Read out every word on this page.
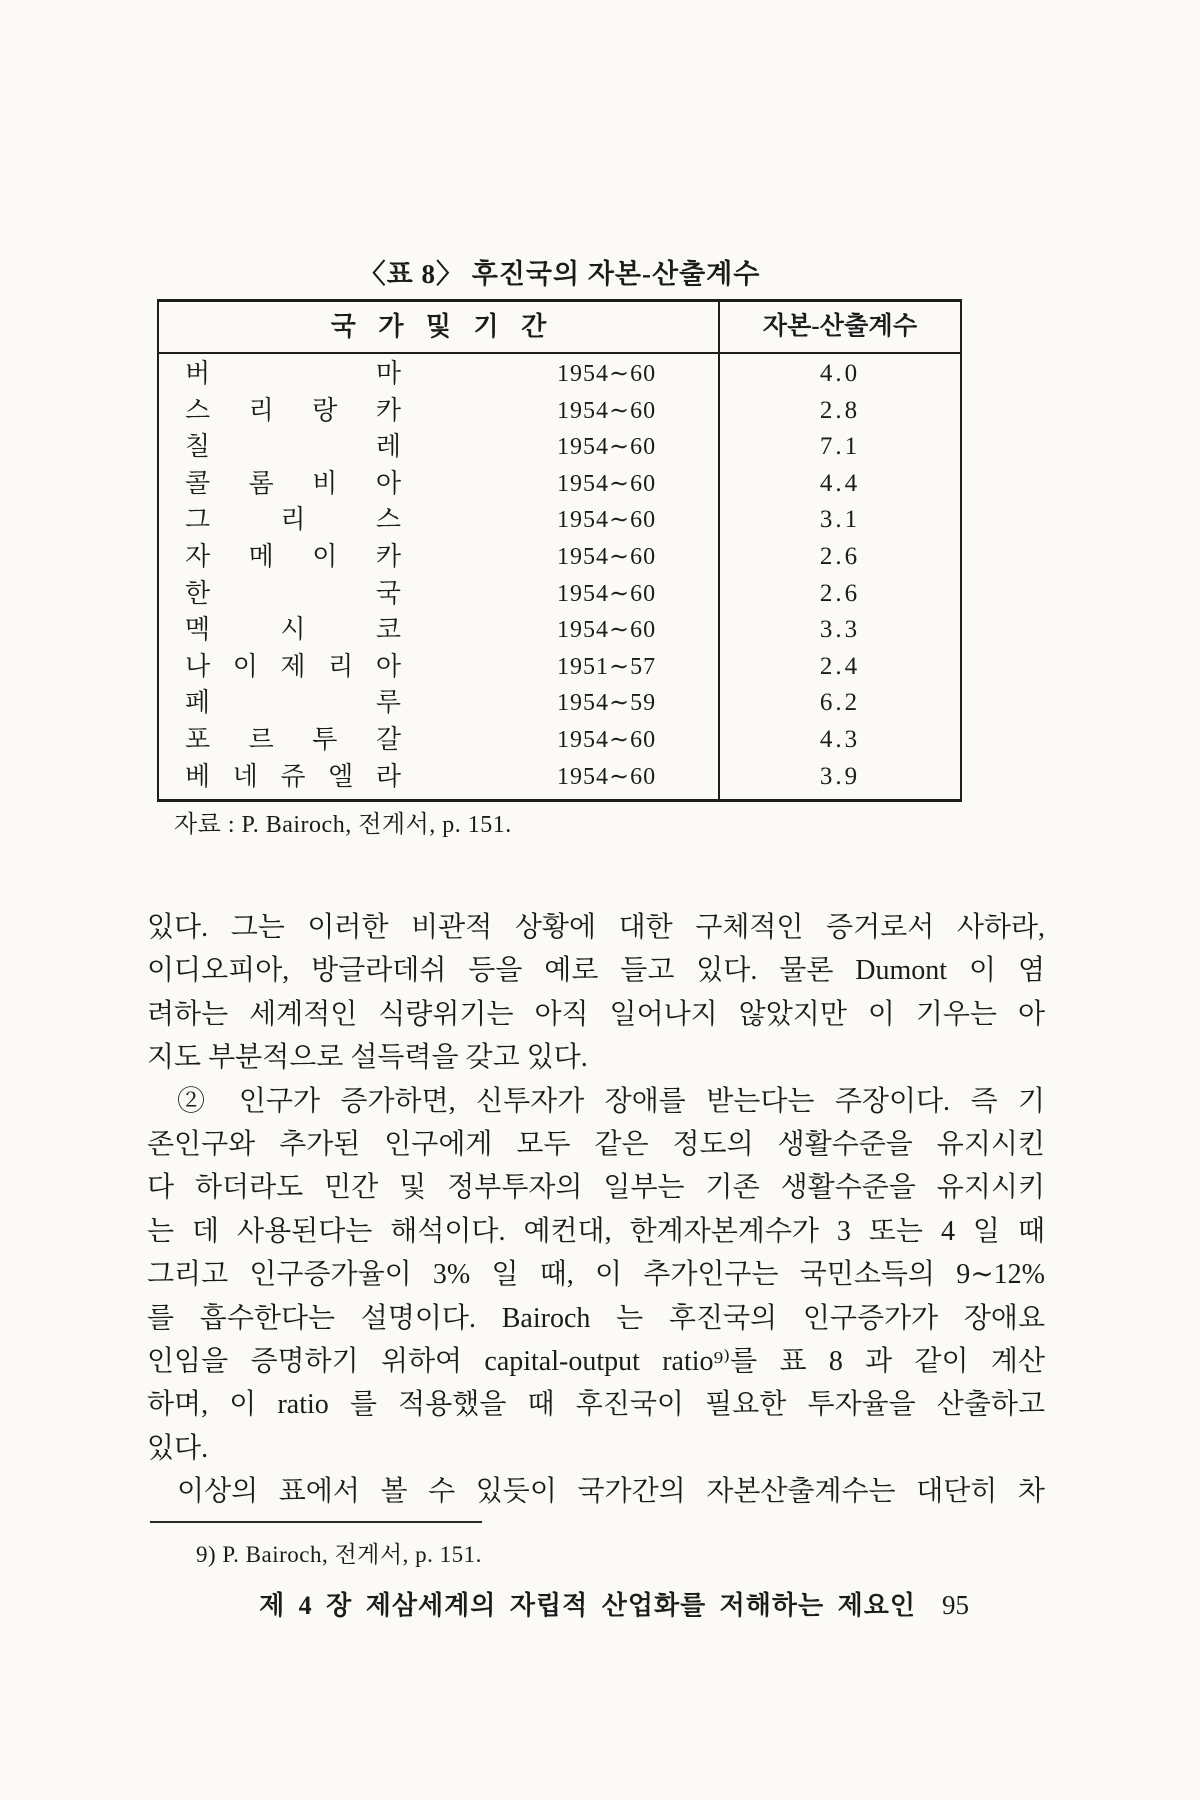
〈표 8〉 후진국의 자본-산출계수
국 가 및 기 간	자 본-산 출 계 수
버 마	1954∼60	4.0
스 리 랑 카	1954∼60	2.8
칠 레	1954∼60	7.1
콜 롬 비 아	1954∼60	4.4
그 리 스	1954∼60	3.1
자 메 이 카	1954∼60	2.6
한 국	1954∼60	2.6
멕 시 코	1954∼60	3.3
나 이 제 리 아	1951∼57	2.4
페 루	1954∼59	6.2
포 르 투 갈	1954∼60	4.3
베 네 쥬 엘 라	1954∼60	3.9
자료 : P. Bairoch, 전게서, p. 151.
있다. 그는 이러한 비관적 상황에 대한 구체적인 증거로서 사하라,
이디오피아, 방글라데쉬 등을 예로 들고 있다. 물론 Dumont 이 염
려하는 세계적인 식량위기는 아직 일어나지 않았지만 이 기우는 아
지도 부분적으로 설득력을 갖고 있다.
② 인구가 증가하면, 신투자가 장애를 받는다는 주장이다. 즉 기
존인구와 추가된 인구에게 모두 같은 정도의 생활수준을 유지시킨
다 하더라도 민간 및 정부투자의 일부는 기존 생활수준을 유지시키
는 데 사용된다는 해석이다. 예컨대, 한계자본계수가 3 또는 4 일 때
그리고 인구증가율이 3% 일 때, 이 추가인구는 국민소득의 9∼12%
를 흡수한다는 설명이다. Bairoch 는 후진국의 인구증가가 장애요
인임을 증명하기 위하여 capital-output ratio⁹⁾를 표 8 과 같이 계산
하며, 이 ratio 를 적용했을 때 후진국이 필요한 투자율을 산출하고
있다.
이상의 표에서 볼 수 있듯이 국가간의 자본산출계수는 대단히 차
9) P. Bairoch, 전게서, p. 151.
제 4 장 제삼세계의 자립적 산업화를 저해하는 제요인 95
